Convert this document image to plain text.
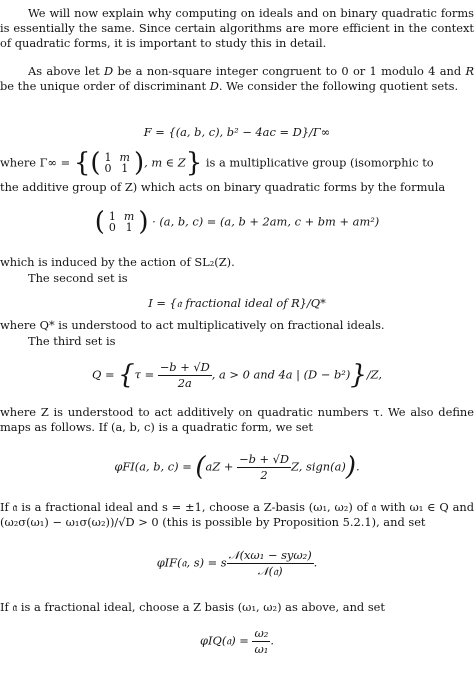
We will now explain why computing on ideals and on binary quadratic forms is essentially the same. Since certain algorithms are more efficient in the context of quadratic forms, it is important to study this in detail.
As above let D be a non-square integer congruent to 0 or 1 modulo 4 and R be the unique order of discriminant D. We consider the following quotient sets.
F = {(a, b, c), b² − 4ac = D}/Γ∞
where Γ∞ = {( 1	m
0	1 ), m ∈ Z} is a multiplicative group (isomorphic to
the additive group of Z) which acts on binary quadratic forms by the formula
( 1	m
0	1 ) · (a, b, c) = (a, b + 2am, c + bm + am²)
which is induced by the action of SL₂(Z).
The second set is
I = {𝔞 fractional ideal of R}/Q*
where Q* is understood to act multiplicatively on fractional ideals.
The third set is
$Q = \{\tau = \frac{-b + √D}{2a}$ , a > 0 and 4a | (D − b²)}/Z,
where Z is understood to act additively on quadratic numbers τ. We also define maps as follows. If (a, b, c) is a quadratic form, we set
φFI(a, b, $c) = (aZ + \frac{-b + √D}{2} Z$, sign(a)).
If 𝔞 is a fractional ideal and s = ±1, choose a Z-basis (ω₁, ω₂) of 𝔞 with ω₁ ∈ Q and (ω₂σ(ω₁) − ω₁σ(ω₂))/√D > 0 (this is possible by Proposition 5.2.1), and set
φIF(𝔞, s) = s $\frac{\text{𝒩(xω₁ − syω₂)}}{\text{𝒩(𝔞)}}$ .
If 𝔞 is a fractional ideal, choose a Z basis (ω₁, ω₂) as above, and set
φIQ(𝔞) = $\frac{\text{ω₂}}{\text{ω₁}}$ .
